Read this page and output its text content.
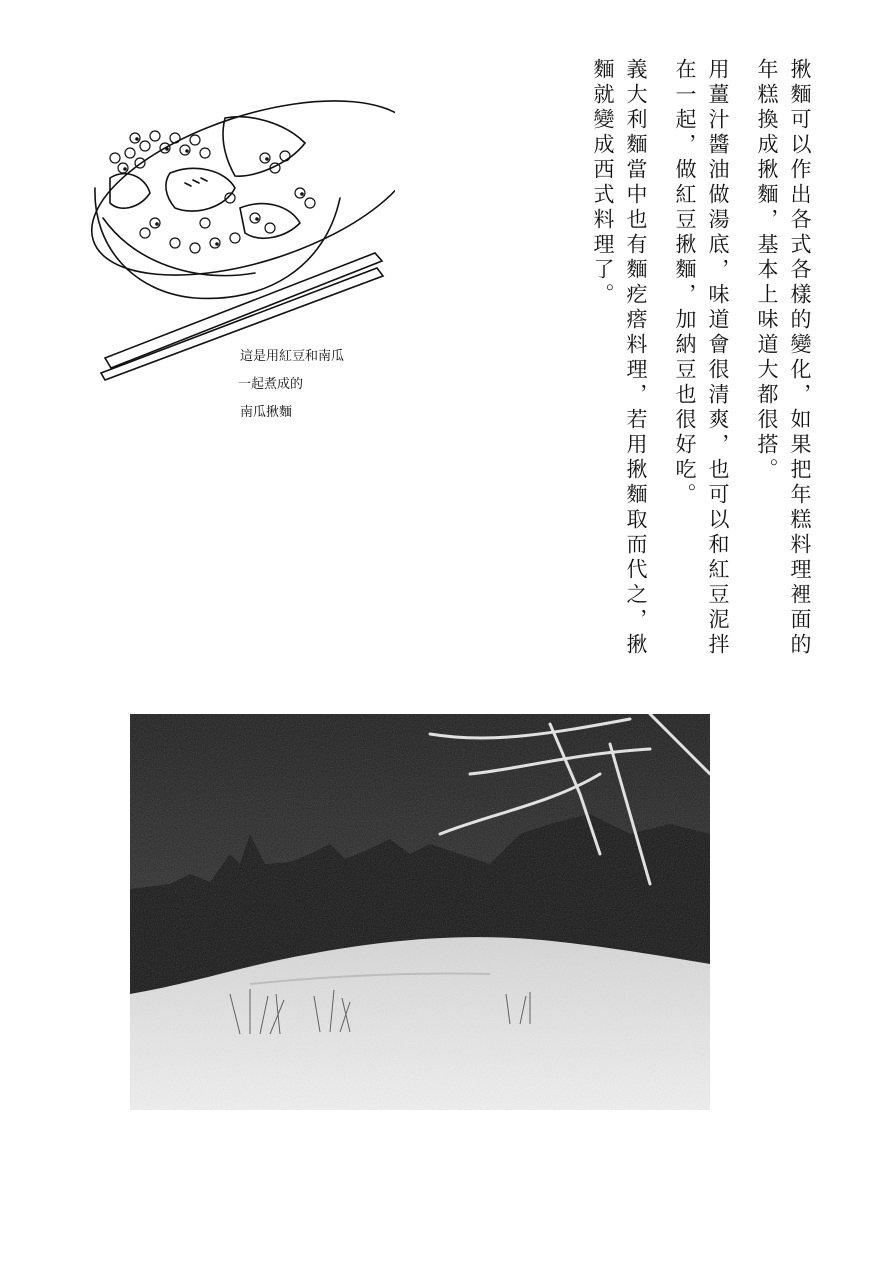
揪麵可以作出各式各樣的變化，如果把年糕料理裡面的年糕換成揪麵，基本上味道大都很搭。
用薑汁醬油做湯底，味道會很清爽，也可以和紅豆泥拌在一起，做紅豆揪麵，加納豆也很好吃。
義大利麵當中也有麵疙瘩料理，若用揪麵取而代之，揪麵就變成西式料理了。
這是用紅豆和南瓜
一起煮成的
南瓜揪麵
